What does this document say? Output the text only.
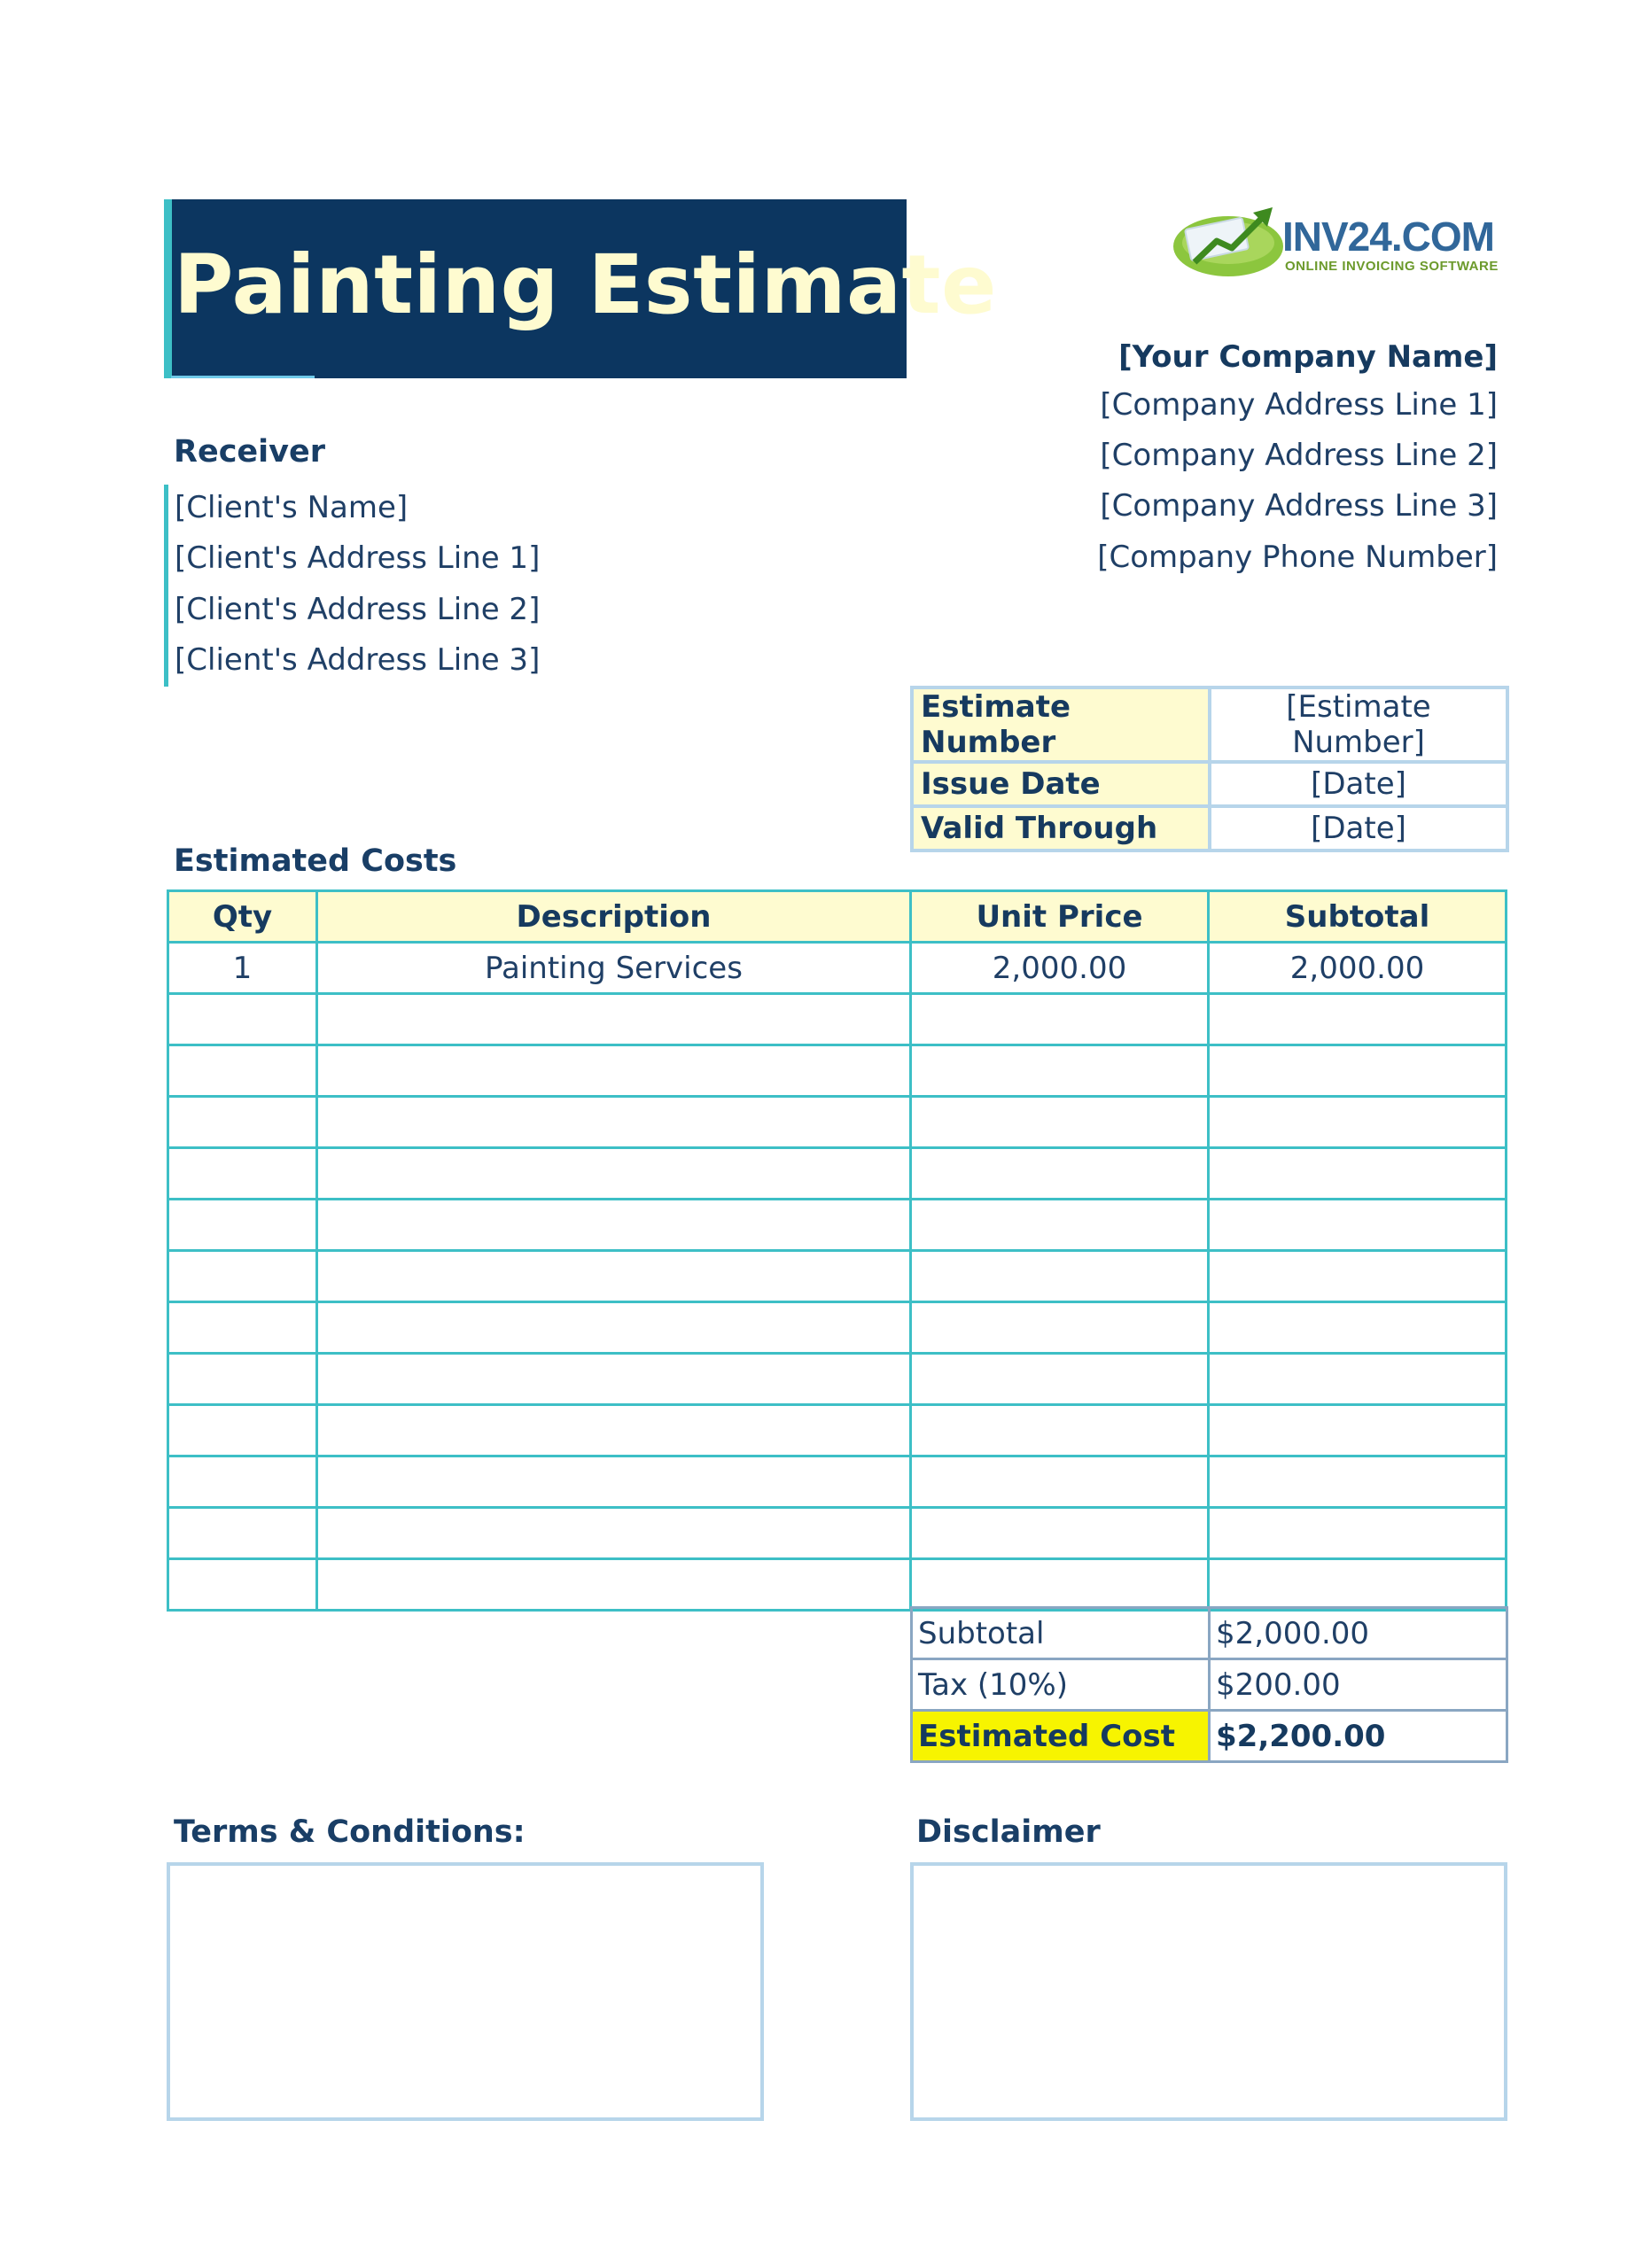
Painting Estimate
INV24.COM
ONLINE INVOICING SOFTWARE
[Your Company Name]
[Company Address Line 1]
[Company Address Line 2]
[Company Address Line 3]
[Company Phone Number]
Receiver
[Client's Name]
[Client's Address Line 1]
[Client's Address Line 2]
[Client's Address Line 3]
Estimate Number	[Estimate Number]
Issue Date	[Date]
Valid Through	[Date]
Estimated Costs
Qty	Description	Unit Price	Subtotal
1	Painting Services	2,000.00	2,000.00

Subtotal	$2,000.00
Tax (10%)	$200.00
Estimated Cost	$2,200.00
Terms & Conditions:	Disclaimer
